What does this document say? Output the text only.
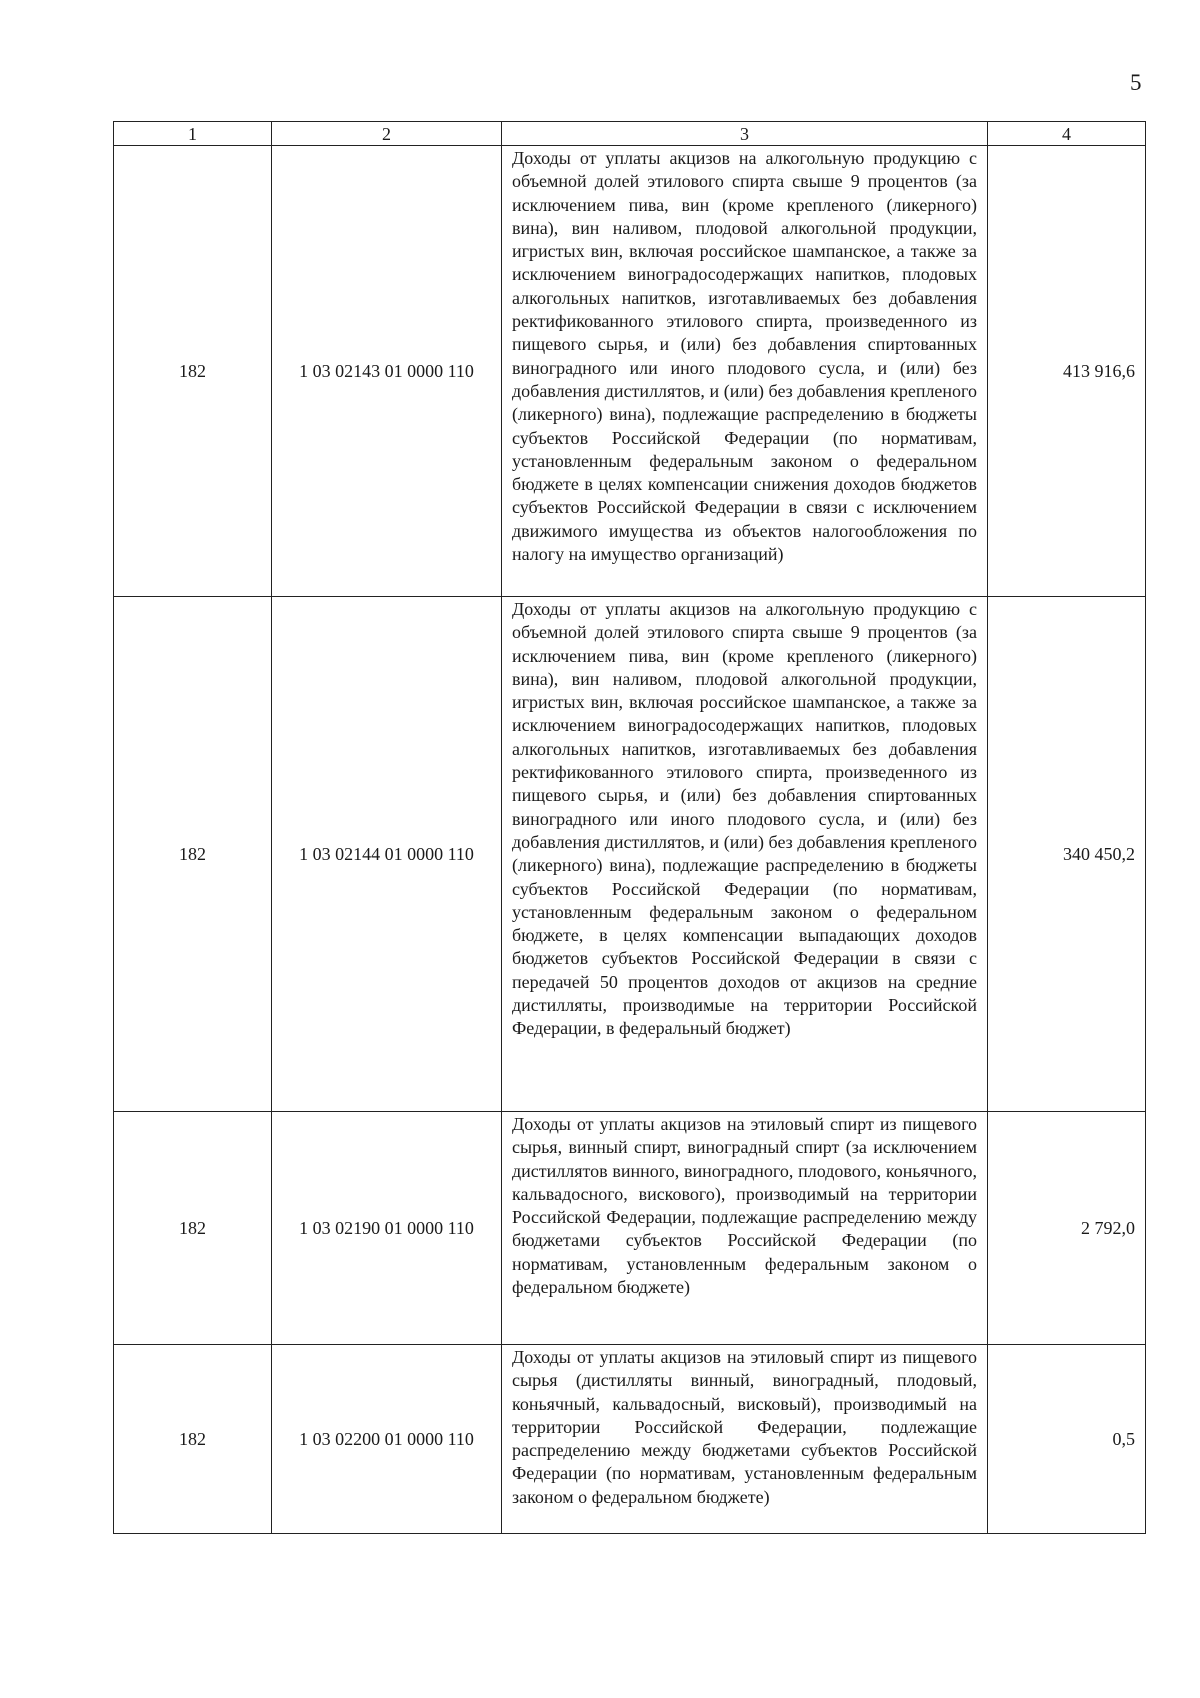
5
1	2	3	4
182	1 03 02143 01 0000 110	Доходы от уплаты акцизов на алкогольную продукцию с объемной долей этилового спирта свыше 9 процентов (за исключением пива, вин (кроме крепленого (ликерного) вина), вин наливом, плодовой алкогольной продукции, игристых вин, включая российское шампанское, а также за исключением виноградосодержащих напитков, плодовых алкогольных напитков, изготавливаемых без добавления ректификованного этилового спирта, произведенного из пищевого сырья, и (или) без добавления спиртованных виноградного или иного плодового сусла, и (или) без добавления дистиллятов, и (или) без добавления крепленого (ликерного) вина), подлежащие распределению в бюджеты субъектов Российской Федерации (по нормативам, установленным федеральным законом о федеральном бюджете в целях компенсации снижения доходов бюджетов субъектов Российской Федерации в связи с исключением движимого имущества из объектов налогообложения по налогу на имущество организаций)	413 916,6
182	1 03 02144 01 0000 110	Доходы от уплаты акцизов на алкогольную продукцию с объемной долей этилового спирта свыше 9 процентов (за исключением пива, вин (кроме крепленого (ликерного) вина), вин наливом, плодовой алкогольной продукции, игристых вин, включая российское шампанское, а также за исключением виноградосодержащих напитков, плодовых алкогольных напитков, изготавливаемых без добавления ректификованного этилового спирта, произведенного из пищевого сырья, и (или) без добавления спиртованных виноградного или иного плодового сусла, и (или) без добавления дистиллятов, и (или) без добавления крепленого (ликерного) вина), подлежащие распределению в бюджеты субъектов Российской Федерации (по нормативам, установленным федеральным законом о федеральном бюджете, в целях компенсации выпадающих доходов бюджетов субъектов Российской Федерации в связи с передачей 50 процентов доходов от акцизов на средние дистилляты, производимые на территории Российской Федерации, в федеральный бюджет)	340 450,2
182	1 03 02190 01 0000 110	Доходы от уплаты акцизов на этиловый спирт из пищевого сырья, винный спирт, виноградный спирт (за исключением дистиллятов винного, виноградного, плодового, коньячного, кальвадосного, вискового), производимый на территории Российской Федерации, подлежащие распределению между бюджетами субъектов Российской Федерации (по нормативам, установленным федеральным законом о федеральном бюджете)	2 792,0
182	1 03 02200 01 0000 110	Доходы от уплаты акцизов на этиловый спирт из пищевого сырья (дистилляты винный, виноградный, плодовый, коньячный, кальвадосный, висковый), производимый на территории Российской Федерации, подлежащие распределению между бюджетами субъектов Российской Федерации (по нормативам, установленным федеральным законом о федеральном бюджете)	0,5
